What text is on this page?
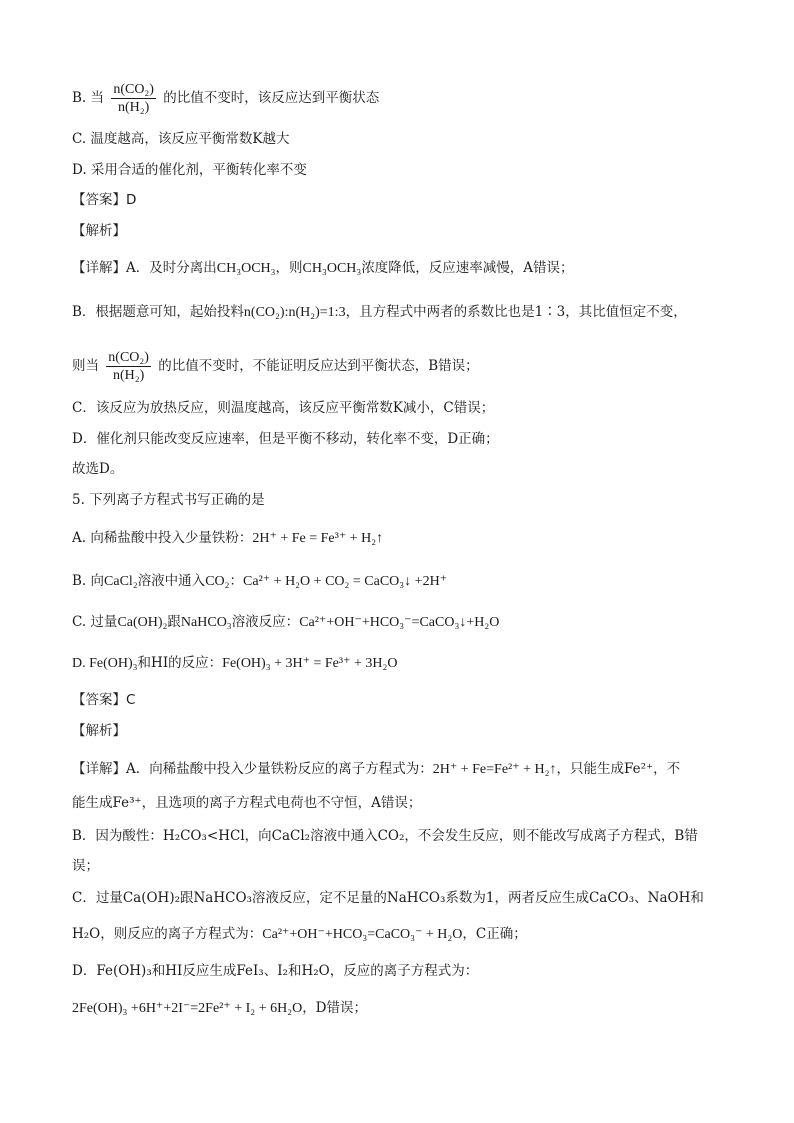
B. 当 $\frac{\text{n(CO₂)}}{\text{n(H₂)}}$ 的比值不变时，该反应达到平衡状态
C. 温度越高，该反应平衡常数K越大
D. 采用合适的催化剂，平衡转化率不变
【答案】D
【解析】
【详解】A．及时分离出CH₃OCH₃，则CH₃OCH₃浓度降低，反应速率减慢，A错误；
B．根据题意可知，起始投料n(CO₂):n(H₂)=1:3，且方程式中两者的系数比也是1∶3，其比值恒定不变，
则当 $\frac{\text{n(CO₂)}}{\text{n(H₂)}}$ 的比值不变时，不能证明反应达到平衡状态，B错误；
C．该反应为放热反应，则温度越高，该反应平衡常数K减小，C错误；
D．催化剂只能改变反应速率，但是平衡不移动，转化率不变，D正确；
故选D。
5. 下列离子方程式书写正确的是
A. 向稀盐酸中投入少量铁粉：2H⁺ + Fe = Fe³⁺ + H₂↑
B. 向CaCl₂溶液中通入CO₂：Ca²⁺ + H₂O + CO₂ = CaCO₃↓ +2H⁺
C. 过量Ca(OH)₂跟NaHCO₃溶液反应：Ca²⁺+OH⁻+HCO₃⁻=CaCO₃↓+H₂O
D. Fe(OH)₃和HI的反应：Fe(OH)₃ + 3H⁺ = Fe³⁺ + 3H₂O
【答案】C
【解析】
【详解】A．向稀盐酸中投入少量铁粉反应的离子方程式为：2H⁺ + Fe=Fe²⁺ + H₂↑，只能生成Fe²⁺，不
能生成Fe³⁺，且选项的离子方程式电荷也不守恒，A错误；
B．因为酸性：H₂CO₃<HCl，向CaCl₂溶液中通入CO₂，不会发生反应，则不能改写成离子方程式，B错
误；
C．过量Ca(OH)₂跟NaHCO₃溶液反应，定不足量的NaHCO₃系数为1，两者反应生成CaCO₃、NaOH和
H₂O，则反应的离子方程式为：Ca²⁺+OH⁻+HCO₃=CaCO₃⁻ + H₂O，C正确；
D．Fe(OH)₃和HI反应生成FeI₃、I₂和H₂O，反应的离子方程式为：
2Fe(OH)₃ +6H⁺+2I⁻=2Fe²⁺ + I₂ + 6H₂O，D错误；
